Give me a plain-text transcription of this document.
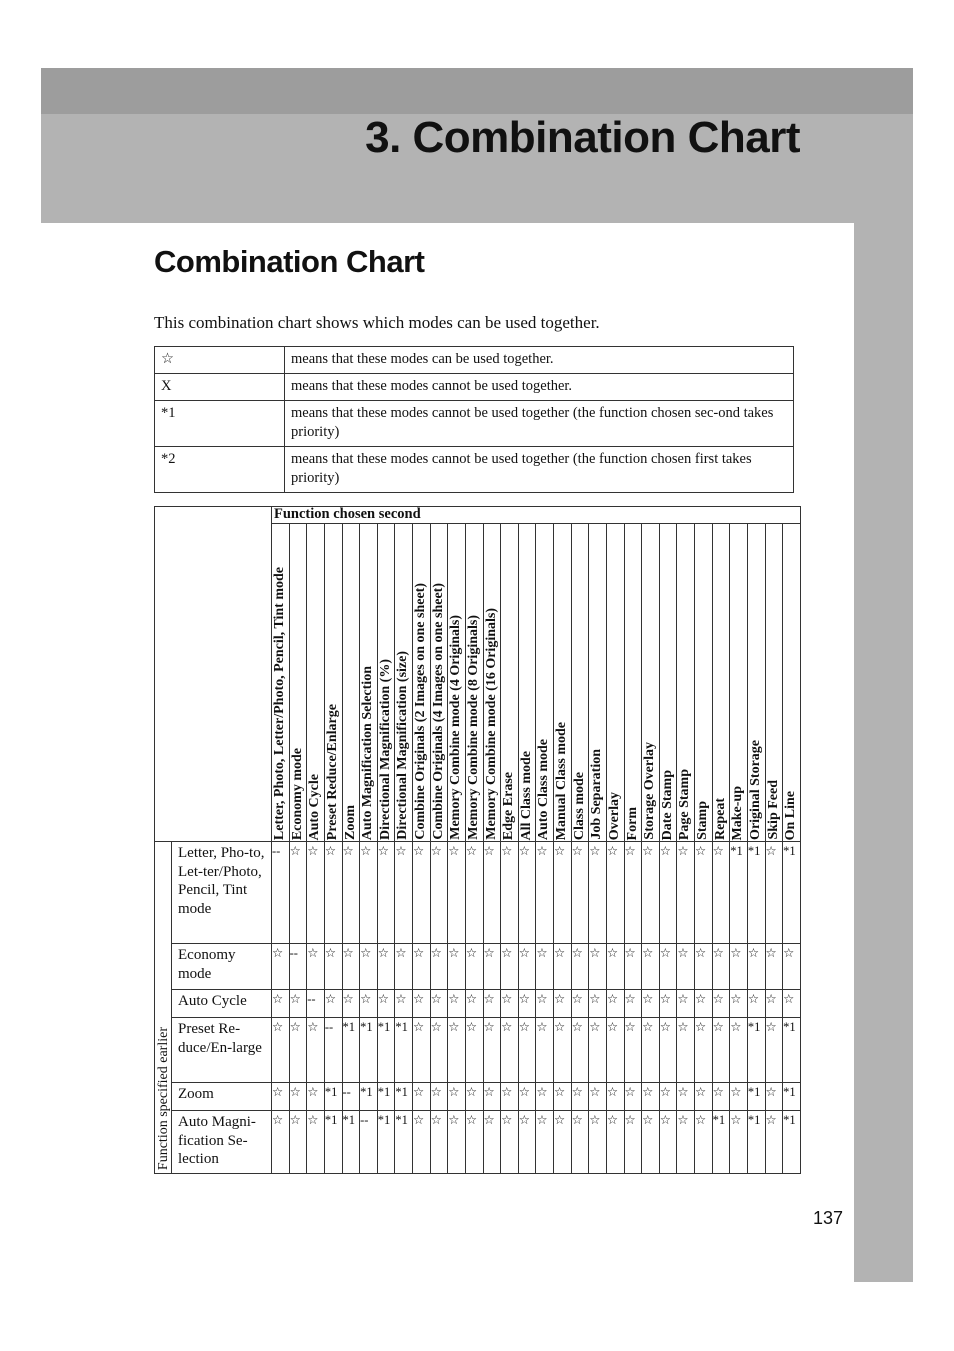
3. Combination Chart
Combination Chart

This combination chart shows which modes can be used together.

☆	means that these modes can be used together.
X	means that these modes cannot be used together.
*1	means that these modes cannot be used together (the function chosen sec-ond takes priority)
*2	means that these modes cannot be used together (the function chosen first takes priority)
		Function chosen second																													

		Letter, Photo, Letter/Photo, Pencil, Tint mode	Economy mode	Auto Cycle	Preset Reduce/Enlarge	Zoom	Auto Magnification Selection	Directional Magnification (%)	Directional Magnification (size)	Combine Originals (2 Images on one sheet)	Combine Originals (4 Images on one sheet)	Memory Combine mode (4 Originals)	Memory Combine mode (8 Originals)	Memory Combine mode (16 Originals)	Edge Erase	All Class mode	Auto Class mode	Manual Class mode	Class mode	Job Separation	Overlay	Form	Storage Overlay	Date Stamp	Page Stamp	Stamp	Repeat	Make-up	Original Storage	Skip Feed	On Line

Function specified earlier	Letter, Pho-to, Let-ter/Photo, Pencil, Tint mode	--	☆	☆	☆	☆	☆	☆	☆	☆	☆	☆	☆	☆	☆	☆	☆	☆	☆	☆	☆	☆	☆	☆	☆	☆	☆	*1	*1	☆	*1
	Economy mode	☆	--	☆	☆	☆	☆	☆	☆	☆	☆	☆	☆	☆	☆	☆	☆	☆	☆	☆	☆	☆	☆	☆	☆	☆	☆	☆	☆	☆	☆
	Auto Cycle	☆	☆	--	☆	☆	☆	☆	☆	☆	☆	☆	☆	☆	☆	☆	☆	☆	☆	☆	☆	☆	☆	☆	☆	☆	☆	☆	☆	☆	☆
	Preset Re-duce/En-large	☆	☆	☆	--	*1	*1	*1	*1	☆	☆	☆	☆	☆	☆	☆	☆	☆	☆	☆	☆	☆	☆	☆	☆	☆	☆	☆	*1	☆	*1
	Zoom	☆	☆	☆	*1	--	*1	*1	*1	☆	☆	☆	☆	☆	☆	☆	☆	☆	☆	☆	☆	☆	☆	☆	☆	☆	☆	☆	*1	☆	*1
	Auto Magni-fication Se-lection	☆	☆	☆	*1	*1	--	*1	*1	☆	☆	☆	☆	☆	☆	☆	☆	☆	☆	☆	☆	☆	☆	☆	☆	☆	*1	☆	*1	☆	*1

137
